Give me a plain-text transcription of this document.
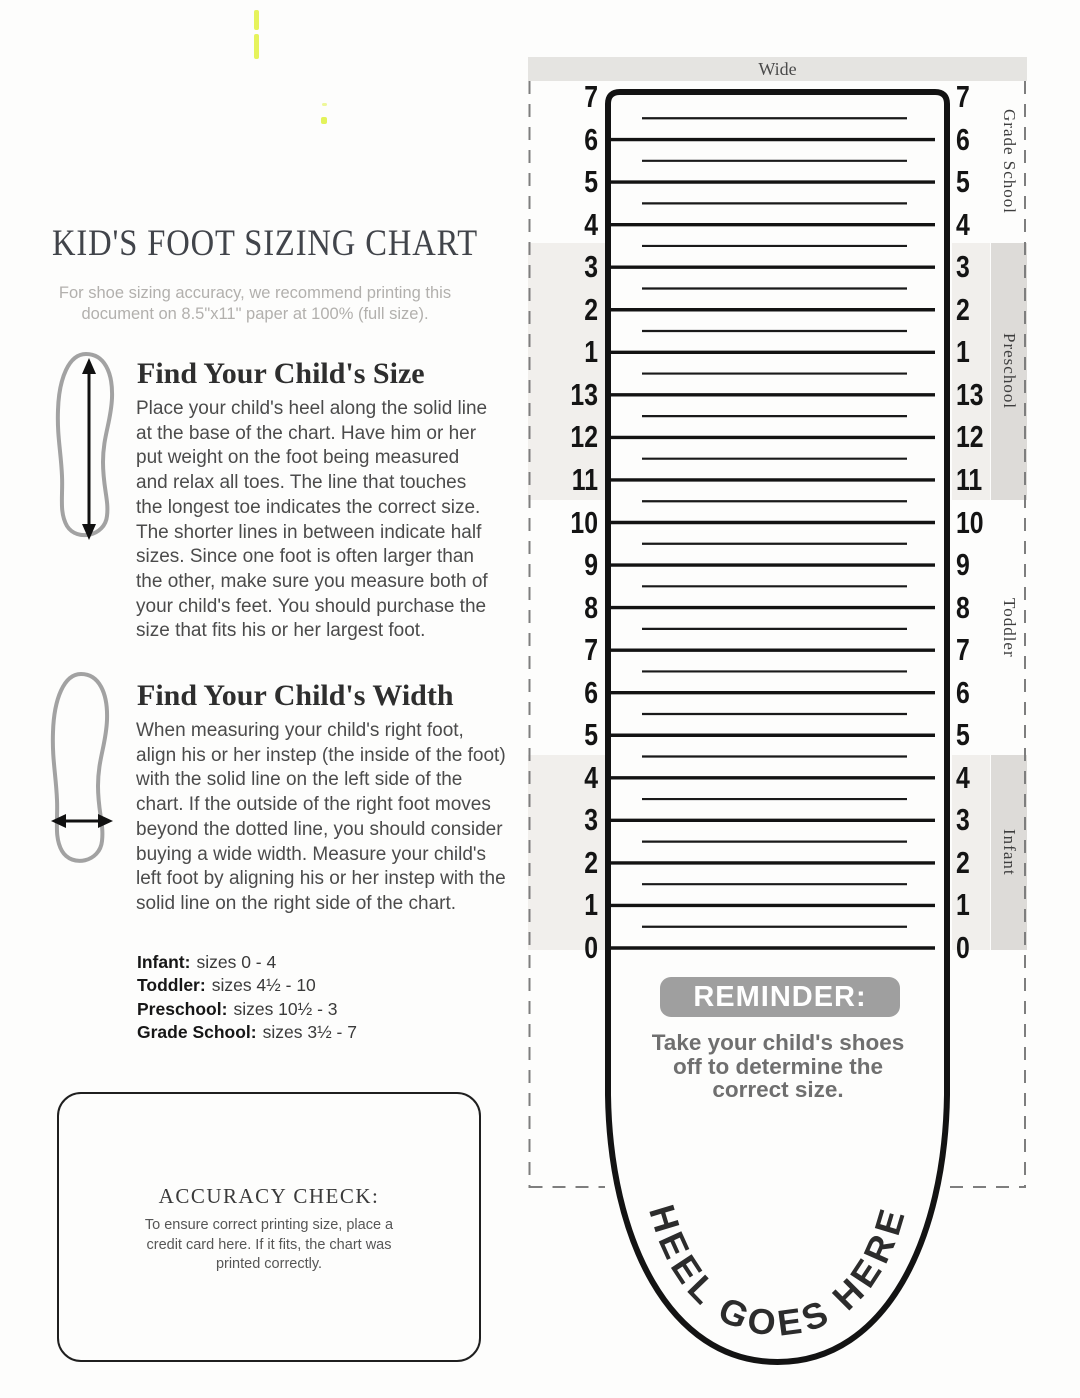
KID'S FOOT SIZING CHART

For shoe sizing accuracy, we recommend printing this document on 8.5"x11" paper at 100% (full size).

Find Your Child's Size

Place your child's heel along the solid line at the base of the chart. Have him or her put weight on the foot being measured and relax all toes. The line that touches the longest toe indicates the correct size. The shorter lines in between indicate half sizes. Since one foot is often larger than the other, make sure you measure both of your child's feet. You should purchase the size that fits his or her largest foot.

Find Your Child's Width

When measuring your child's right foot, align his or her instep (the inside of the foot) with the solid line on the left side of the chart. If the outside of the right foot moves beyond the dotted line, you should consider buying a wide width. Measure your child's left foot by aligning his or her instep with the solid line on the right side of the chart.

Infant: sizes 0 - 4
Toddler: sizes 4½ - 10
Preschool: sizes 10½ - 3
Grade School: sizes 3½ - 7
ACCURACY CHECK:
To ensure correct printing size, place a credit card here. If it fits, the chart was printed correctly.
Wide
Grade School
Preschool
Toddler
Infant
HEEL GOES HERE
7	7
6	6
5	5
4	4
3	3
2	2
1	1
13	13
12	12
11	11
10	10
9	9
8	8
7	7
6	6
5	5
4	4
3	3
2	2
1	1
0	0
REMINDER:
Take your child's shoes off to determine the correct size.
